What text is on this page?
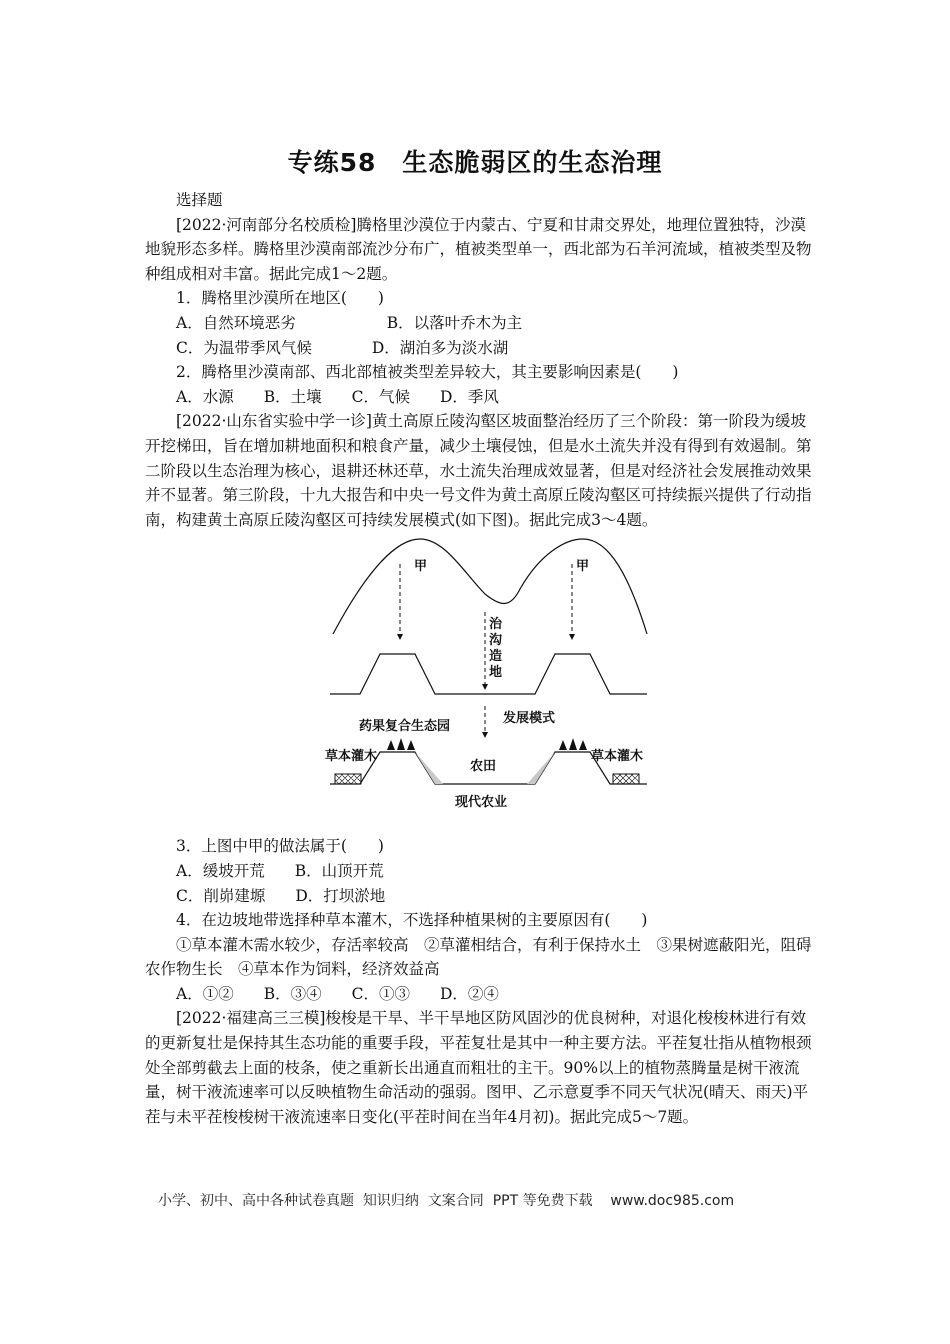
专练58　生态脆弱区的生态治理

选择题

[2022·河南部分名校质检]腾格里沙漠位于内蒙古、宁夏和甘肃交界处，地理位置独特，沙漠地貌形态多样。腾格里沙漠南部流沙分布广，植被类型单一，西北部为石羊河流域，植被类型及物种组成相对丰富。据此完成1～2题。

1．腾格里沙漠所在地区(　　)

A．自然环境恶劣	B．以落叶乔木为主

C．为温带季风气候	D．湖泊多为淡水湖

2．腾格里沙漠南部、西北部植被类型差异较大，其主要影响因素是(　　)

A．水源 B．土壤 C．气候 D．季风

[2022·山东省实验中学一诊]黄土高原丘陵沟壑区坡面整治经历了三个阶段：第一阶段为缓坡开挖梯田，旨在增加耕地面积和粮食产量，减少土壤侵蚀，但是水土流失并没有得到有效遏制。第二阶段以生态治理为核心，退耕还林还草，水土流失治理成效显著，但是对经济社会发展推动效果并不显著。第三阶段，十九大报告和中央一号文件为黄土高原丘陵沟壑区可持续振兴提供了行动指南，构建黄土高原丘陵沟壑区可持续发展模式(如下图)。据此完成3～4题。

甲	甲
治
沟
造
地
发展模式
药果复合生态园
草本灌木	草本灌木
农田
现代农业

3．上图中甲的做法属于(　　)

A．缓坡开荒 B．山顶开荒

C．削峁建塬 D．打坝淤地

4．在边坡地带选择种草本灌木，不选择种植果树的主要原因有(　　)

①草本灌木需水较少，存活率较高　②草灌相结合，有利于保持水土　③果树遮蔽阳光，阻碍农作物生长　④草本作为饲料，经济效益高

A．①② B．③④ C．①③ D．②④

[2022·福建高三三模]梭梭是干旱、半干旱地区防风固沙的优良树种，对退化梭梭林进行有效的更新复壮是保持其生态功能的重要手段，平茬复壮是其中一种主要方法。平茬复壮指从植物根颈处全部剪截去上面的枝条，使之重新长出通直而粗壮的主干。90%以上的植物蒸腾量是树干液流量，树干液流速率可以反映植物生命活动的强弱。图甲、乙示意夏季不同天气状况(晴天、雨天)平茬与未平茬梭梭树干液流速率日变化(平茬时间在当年4月初)。据此完成5～7题。

小学、初中、高中各种试卷真题  知识归纳  文案合同  PPT 等免费下载    www.doc985.com
